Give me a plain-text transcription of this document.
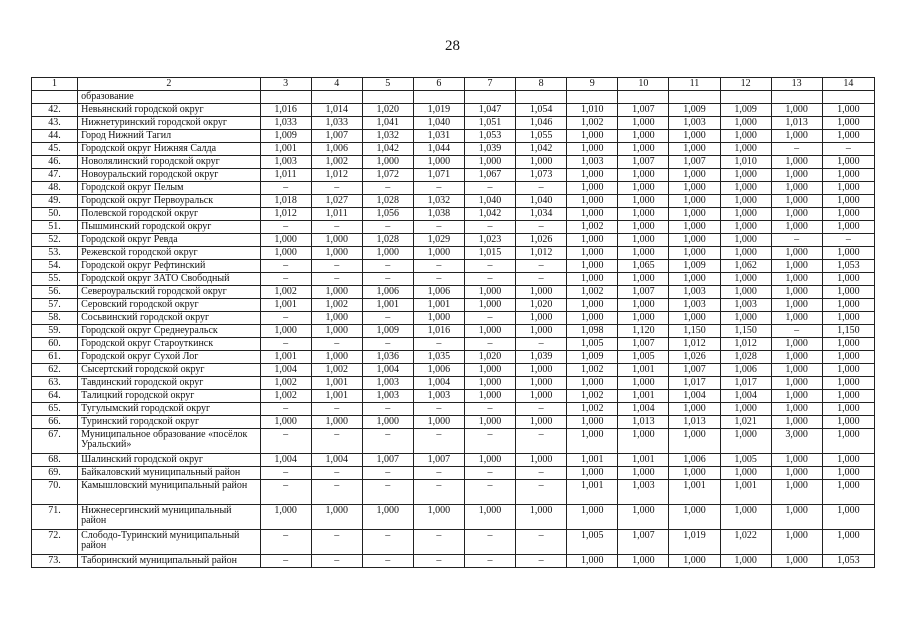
28
1	2	3	4	5	6	7	8	9	10	11	12	13	14
	образование												
42.	Невьянский городской округ	1,016	1,014	1,020	1,019	1,047	1,054	1,010	1,007	1,009	1,009	1,000	1,000
43.	Нижнетуринский городской округ	1,033	1,033	1,041	1,040	1,051	1,046	1,002	1,000	1,003	1,000	1,013	1,000
44.	Город Нижний Тагил	1,009	1,007	1,032	1,031	1,053	1,055	1,000	1,000	1,000	1,000	1,000	1,000
45.	Городской округ Нижняя Салда	1,001	1,006	1,042	1,044	1,039	1,042	1,000	1,000	1,000	1,000	–	–
46.	Новолялинский городской округ	1,003	1,002	1,000	1,000	1,000	1,000	1,003	1,007	1,007	1,010	1,000	1,000
47.	Новоуральский городской округ	1,011	1,012	1,072	1,071	1,067	1,073	1,000	1,000	1,000	1,000	1,000	1,000
48.	Городской округ Пелым	–	–	–	–	–	–	1,000	1,000	1,000	1,000	1,000	1,000
49.	Городской округ Первоуральск	1,018	1,027	1,028	1,032	1,040	1,040	1,000	1,000	1,000	1,000	1,000	1,000
50.	Полевской городской округ	1,012	1,011	1,056	1,038	1,042	1,034	1,000	1,000	1,000	1,000	1,000	1,000
51.	Пышминский городской округ	–	–	–	–	–	–	1,002	1,000	1,000	1,000	1,000	1,000
52.	Городской округ Ревда	1,000	1,000	1,028	1,029	1,023	1,026	1,000	1,000	1,000	1,000	–	–
53.	Режевской городской округ	1,000	1,000	1,000	1,000	1,015	1,012	1,000	1,000	1,000	1,000	1,000	1,000
54.	Городской округ Рефтинский	–	–	–	–	–	–	1,000	1,065	1,009	1,062	1,000	1,053
55.	Городской округ ЗАТО Свободный	–	–	–	–	–	–	1,000	1,000	1,000	1,000	1,000	1,000
56.	Североуральский городской округ	1,002	1,000	1,006	1,006	1,000	1,000	1,002	1,007	1,003	1,000	1,000	1,000
57.	Серовский городской округ	1,001	1,002	1,001	1,001	1,000	1,020	1,000	1,000	1,003	1,003	1,000	1,000
58.	Сосьвинский городской округ	–	1,000	–	1,000	–	1,000	1,000	1,000	1,000	1,000	1,000	1,000
59.	Городской округ Среднеуральск	1,000	1,000	1,009	1,016	1,000	1,000	1,098	1,120	1,150	1,150	–	1,150
60.	Городской округ Староуткинск	–	–	–	–	–	–	1,005	1,007	1,012	1,012	1,000	1,000
61.	Городской округ Сухой Лог	1,001	1,000	1,036	1,035	1,020	1,039	1,009	1,005	1,026	1,028	1,000	1,000
62.	Сысертский городской округ	1,004	1,002	1,004	1,006	1,000	1,000	1,002	1,001	1,007	1,006	1,000	1,000
63.	Тавдинский городской округ	1,002	1,001	1,003	1,004	1,000	1,000	1,000	1,000	1,017	1,017	1,000	1,000
64.	Талицкий городской округ	1,002	1,001	1,003	1,003	1,000	1,000	1,002	1,001	1,004	1,004	1,000	1,000
65.	Тугулымский городской округ	–	–	–	–	–	–	1,002	1,004	1,000	1,000	1,000	1,000
66.	Туринский городской округ	1,000	1,000	1,000	1,000	1,000	1,000	1,000	1,013	1,013	1,021	1,000	1,000
67.	Муниципальное образование «посёлок Уральский»	–	–	–	–	–	–	1,000	1,000	1,000	1,000	3,000	1,000
68.	Шалинский городской округ	1,004	1,004	1,007	1,007	1,000	1,000	1,001	1,001	1,006	1,005	1,000	1,000
69.	Байкаловский муниципальный район	–	–	–	–	–	–	1,000	1,000	1,000	1,000	1,000	1,000
70.	Камышловский муниципальный район	–	–	–	–	–	–	1,001	1,003	1,001	1,001	1,000	1,000
71.	Нижнесергинский муниципальный район	1,000	1,000	1,000	1,000	1,000	1,000	1,000	1,000	1,000	1,000	1,000	1,000
72.	Слободо-Туринский муниципальный район	–	–	–	–	–	–	1,005	1,007	1,019	1,022	1,000	1,000
73.	Таборинский муниципальный район	–	–	–	–	–	–	1,000	1,000	1,000	1,000	1,000	1,053
